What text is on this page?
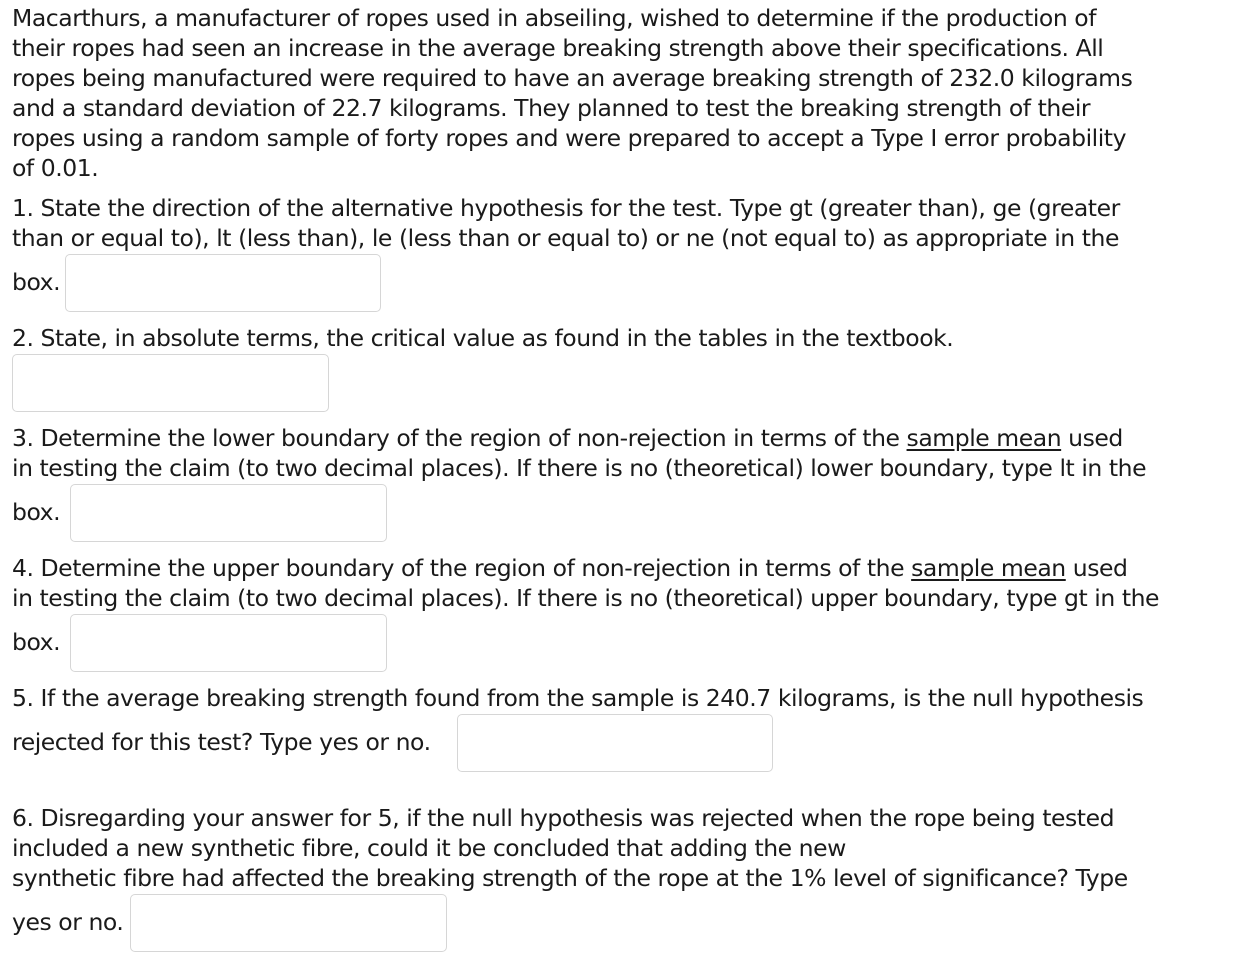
Macarthurs, a manufacturer of ropes used in abseiling, wished to determine if the production of
their ropes had seen an increase in the average breaking strength above their specifications. All
ropes being manufactured were required to have an average breaking strength of 232.0 kilograms
and a standard deviation of 22.7 kilograms. They planned to test the breaking strength of their
ropes using a random sample of forty ropes and were prepared to accept a Type I error probability
of 0.01.
1. State the direction of the alternative hypothesis for the test. Type gt (greater than), ge (greater
than or equal to), lt (less than), le (less than or equal to) or ne (not equal to) as appropriate in the
box.
2. State, in absolute terms, the critical value as found in the tables in the textbook.
3. Determine the lower boundary of the region of non-rejection in terms of the sample mean used
in testing the claim (to two decimal places). If there is no (theoretical) lower boundary, type lt in the
box.
4. Determine the upper boundary of the region of non-rejection in terms of the sample mean used
in testing the claim (to two decimal places). If there is no (theoretical) upper boundary, type gt in the
box.
5. If the average breaking strength found from the sample is 240.7 kilograms, is the null hypothesis
rejected for this test? Type yes or no.
6. Disregarding your answer for 5, if the null hypothesis was rejected when the rope being tested
included a new synthetic fibre, could it be concluded that adding the new
synthetic fibre had affected the breaking strength of the rope at the 1% level of significance? Type
yes or no.
